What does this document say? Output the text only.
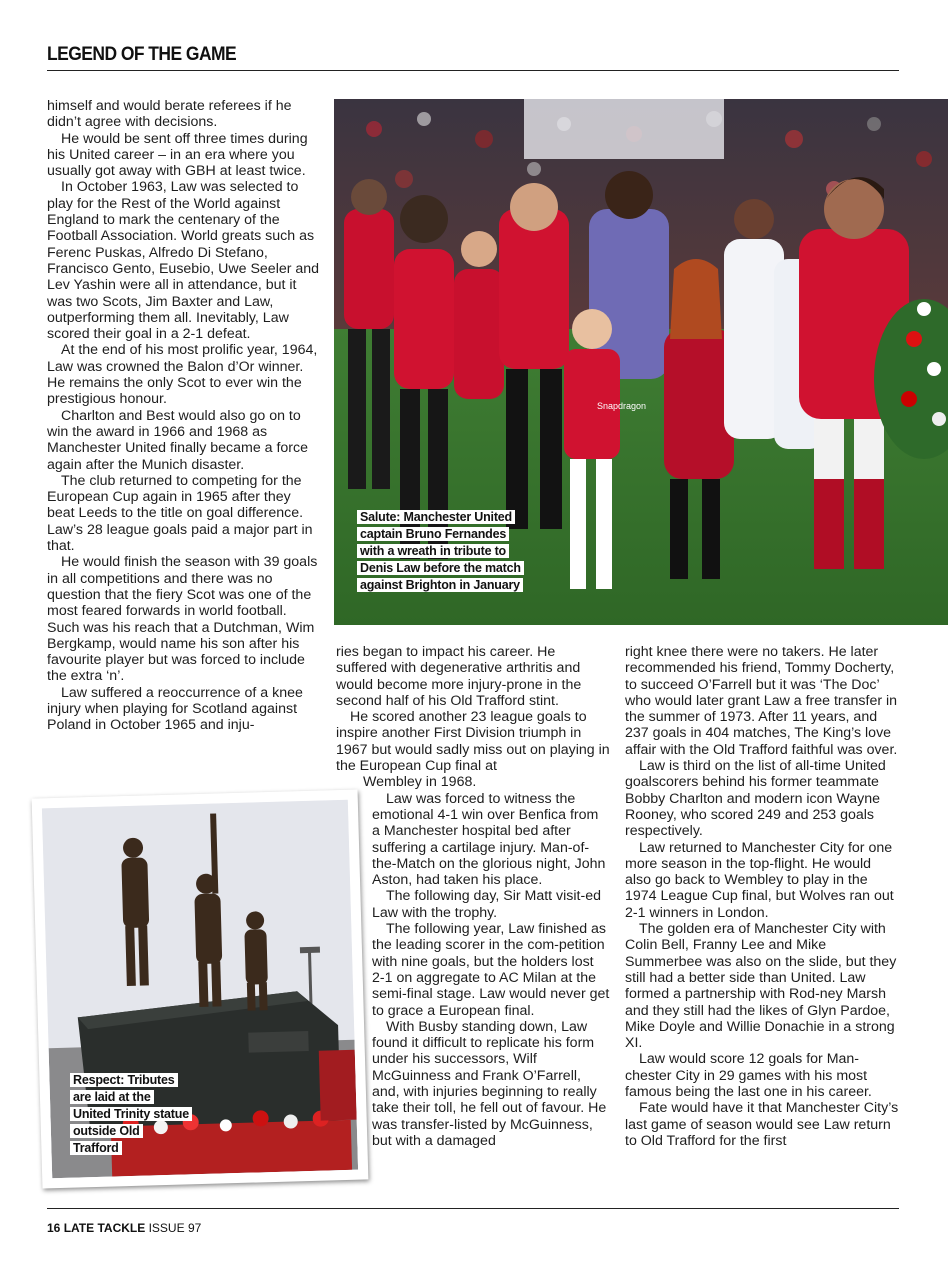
LEGEND OF THE GAME

himself and would berate referees if he didn’t agree with decisions.

He would be sent off three times during his United career – in an era where you usually got away with GBH at least twice.

In October 1963, Law was selected to play for the Rest of the World against England to mark the centenary of the Football Association. World greats such as Ferenc Puskas, Alfredo Di Stefano, Francisco Gento, Eusebio, Uwe Seeler and Lev Yashin were all in attendance, but it was two Scots, Jim Baxter and Law, outperforming them all. Inevitably, Law scored their goal in a 2-1 defeat.

At the end of his most prolific year, 1964, Law was crowned the Balon d’Or winner. He remains the only Scot to ever win the prestigious honour.

Charlton and Best would also go on to win the award in 1966 and 1968 as Manchester United finally became a force again after the Munich disaster.

The club returned to competing for the European Cup again in 1965 after they beat Leeds to the title on goal difference. Law’s 28 league goals paid a major part in that.

He would finish the season with 39 goals in all competitions and there was no question that the fiery Scot was one of the most feared forwards in world football. Such was his reach that a Dutchman, Wim Bergkamp, would name his son after his favourite player but was forced to include the extra ‘n’.

Law suffered a reoccurrence of a knee injury when playing for Scotland against Poland in October 1965 and inju-

Snapdragon
Salute: Manchester United captain Bruno Fernandes with a wreath in tribute to Denis Law before the match against Brighton in January

ries began to impact his career. He suffered with degenerative arthritis and would become more injury-prone in the second half of his Old Trafford stint.

He scored another 23 league goals to inspire another First Division triumph in 1967 but would sadly miss out on playing in the European Cup final at

Wembley in 1968.

Law was forced to witness the emotional 4-1 win over Benfica from a Manchester hospital bed after suffering a cartilage injury. Man-of-the-Match on the glorious night, John Aston, had taken his place.

The following day, Sir Matt visit-ed Law with the trophy.

The following year, Law finished as the leading scorer in the com-petition with nine goals, but the holders lost 2-1 on aggregate to AC Milan at the semi-final stage. Law would never get to grace a European final.

With Busby standing down, Law found it difficult to replicate his form under his successors, Wilf McGuinness and Frank O’Farrell, and, with injuries beginning to really take their toll, he fell out of favour. He was transfer-listed by McGuinness, but with a damaged

right knee there were no takers. He later recommended his friend, Tommy Docherty, to succeed O’Farrell but it was ‘The Doc’ who would later grant Law a free transfer in the summer of 1973. After 11 years, and 237 goals in 404 matches, The King’s love affair with the Old Trafford faithful was over.

Law is third on the list of all-time United goalscorers behind his former teammate Bobby Charlton and modern icon Wayne Rooney, who scored 249 and 253 goals respectively.

Law returned to Manchester City for one more season in the top-flight. He would also go back to Wembley to play in the 1974 League Cup final, but Wolves ran out 2-1 winners in London.

The golden era of Manchester City with Colin Bell, Franny Lee and Mike Summerbee was also on the slide, but they still had a better side than United. Law formed a partnership with Rod-ney Marsh and they still had the likes of Glyn Pardoe, Mike Doyle and Willie Donachie in a strong XI.

Law would score 12 goals for Man-chester City in 29 games with his most famous being the last one in his career.

Fate would have it that Manchester City’s last game of season would see Law return to Old Trafford for the first

Respect: Tributes are laid at the United Trinity statue outside Old Trafford
16 LATE TACKLE ISSUE 97
